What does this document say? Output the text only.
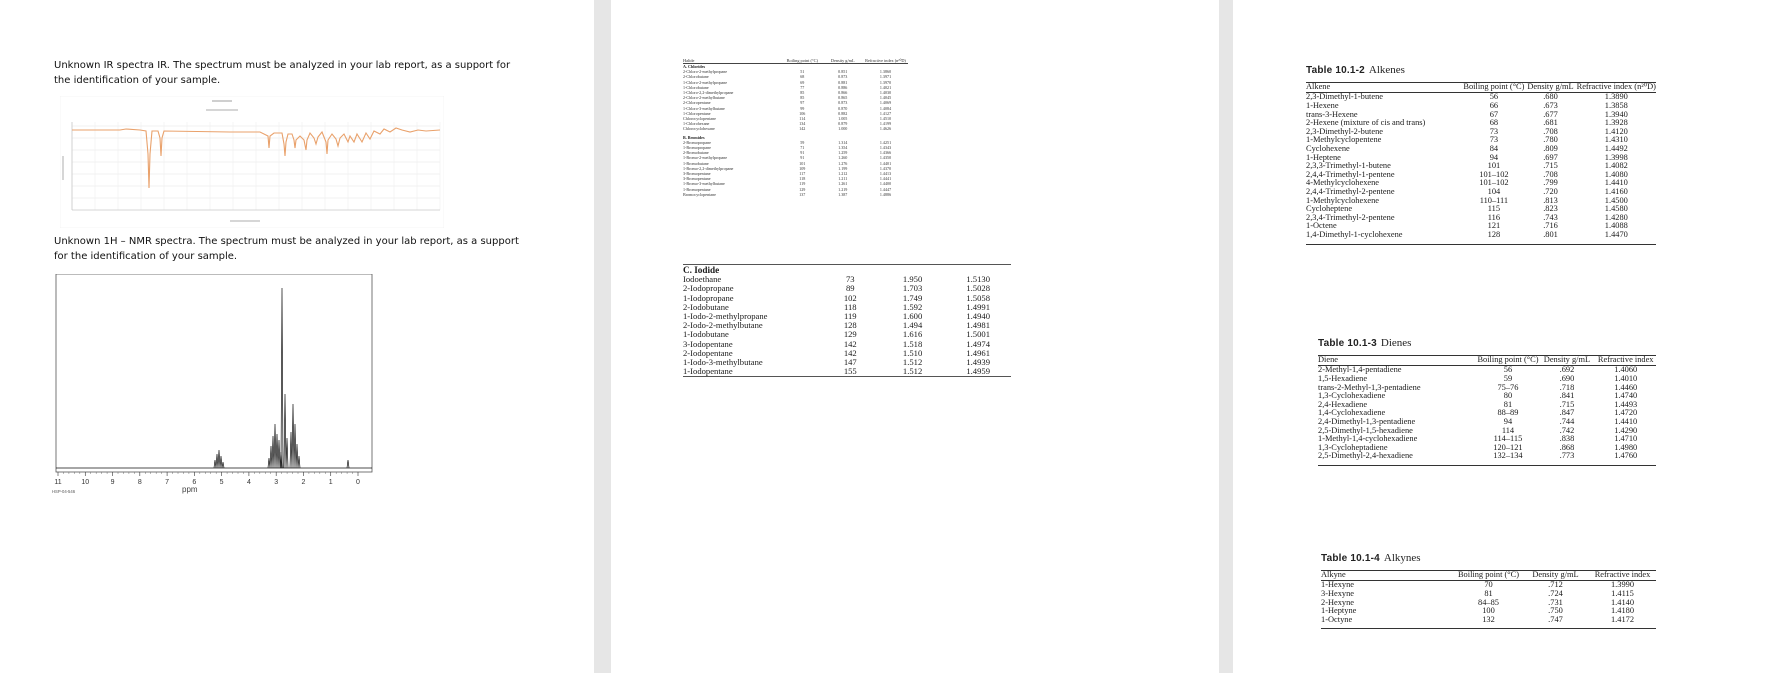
Unknown IR spectra IR. The spectrum must be analyzed in your lab report, as a support for the identification of your sample.

Unknown 1H – NMR spectra. The spectrum must be analyzed in your lab report, as a support for the identification of your sample.

11	10	9	8	7	6	5	4	3	2	1	0
HSP-04-546	ppm
Halide	Boiling point (°C)	Density g/mL	Refractive index (n²⁰D)
A. Chlorides			
2-Chloro-2-methylpropane	51	0.851	1.3860
2-Chlorobutane	68	0.873	1.3971
1-Chloro-2-methylpropane	69	0.881	1.3970
1-Chlorobutane	77	0.886	1.4021
1-Chloro-2,2-dimethylpropane	85	0.866	1.4030
2-Chloro-2-methylbutane	85	0.865	1.4045
2-Chloropentane	97	0.873	1.4069
1-Chloro-3-methylbutane	99	0.870	1.4084
1-Chloropentane	106	0.882	1.4127
Chlorocyclopentane	114	1.005	1.4510
1-Chlorohexane	134	0.879	1.4199
Chlorocyclohexane	142	1.000	1.4626

B. Bromides			
2-Bromopropane	59	1.314	1.4251
1-Bromopropane	71	1.354	1.4343
2-Bromobutane	91	1.259	1.4366
1-Bromo-2-methylpropane	91	1.260	1.4350
1-Bromobutane	101	1.276	1.4401
1-Bromo-2,2-dimethylpropane	109	1.199	1.4370
3-Bromopentane	117	1.212	1.4413
3-Bromopentane	118	1.211	1.4441
1-Bromo-3-methylbutane	119	1.261	1.4400
1-Bromopentane	129	1.219	1.4447
Bromocyclopentane	137	1.387	1.4886
C. Iodide			
Iodoethane	73	1.950	1.5130
2-Iodopropane	89	1.703	1.5028
1-Iodopropane	102	1.749	1.5058
2-Iodobutane	118	1.592	1.4991
1-Iodo-2-methylpropane	119	1.600	1.4940
2-Iodo-2-methylbutane	128	1.494	1.4981
1-Iodobutane	129	1.616	1.5001
3-Iodopentane	142	1.518	1.4974
2-Iodopentane	142	1.510	1.4961
1-Iodo-3-methylbutane	147	1.512	1.4939
1-Iodopentane	155	1.512	1.4959
Table 10.1-2 Alkenes
Alkene	Boiling point (°C)	Density g/mL	Refractive index (n²⁰D)
2,3-Dimethyl-1-butene	56	.680	1.3890
1-Hexene	66	.673	1.3858
trans-3-Hexene	67	.677	1.3940
2-Hexene (mixture of cis and trans)	68	.681	1.3928
2,3-Dimethyl-2-butene	73	.708	1.4120
1-Methylcyclopentene	73	.780	1.4310
Cyclohexene	84	.809	1.4492
1-Heptene	94	.697	1.3998
2,3,3-Trimethyl-1-butene	101	.715	1.4082
2,4,4-Trimethyl-1-pentene	101–102	.708	1.4080
4-Methylcyclohexene	101–102	.799	1.4410
2,4,4-Trimethyl-2-pentene	104	.720	1.4160
1-Methylcyclohexene	110–111	.813	1.4500
Cycloheptene	115	.823	1.4580
2,3,4-Trimethyl-2-pentene	116	.743	1.4280
1-Octene	121	.716	1.4088
1,4-Dimethyl-1-cyclohexene	128	.801	1.4470
Table 10.1-3 Dienes
Diene	Boiling point (°C)	Density g/mL	Refractive index
2-Methyl-1,4-pentadiene	56	.692	1.4060
1,5-Hexadiene	59	.690	1.4010
trans-2-Methyl-1,3-pentadiene	75–76	.718	1.4460
1,3-Cyclohexadiene	80	.841	1.4740
2,4-Hexadiene	81	.715	1.4493
1,4-Cyclohexadiene	88–89	.847	1.4720
2,4-Dimethyl-1,3-pentadiene	94	.744	1.4410
2,5-Dimethyl-1,5-hexadiene	114	.742	1.4290
1-Methyl-1,4-cyclohexadiene	114–115	.838	1.4710
1,3-Cycloheptadiene	120–121	.868	1.4980
2,5-Dimethyl-2,4-hexadiene	132–134	.773	1.4760
Table 10.1-4 Alkynes
Alkyne	Boiling point (°C)	Density g/mL	Refractive index
1-Hexyne	70	.712	1.3990
3-Hexyne	81	.724	1.4115
2-Hexyne	84–85	.731	1.4140
1-Heptyne	100	.750	1.4180
1-Octyne	132	.747	1.4172
